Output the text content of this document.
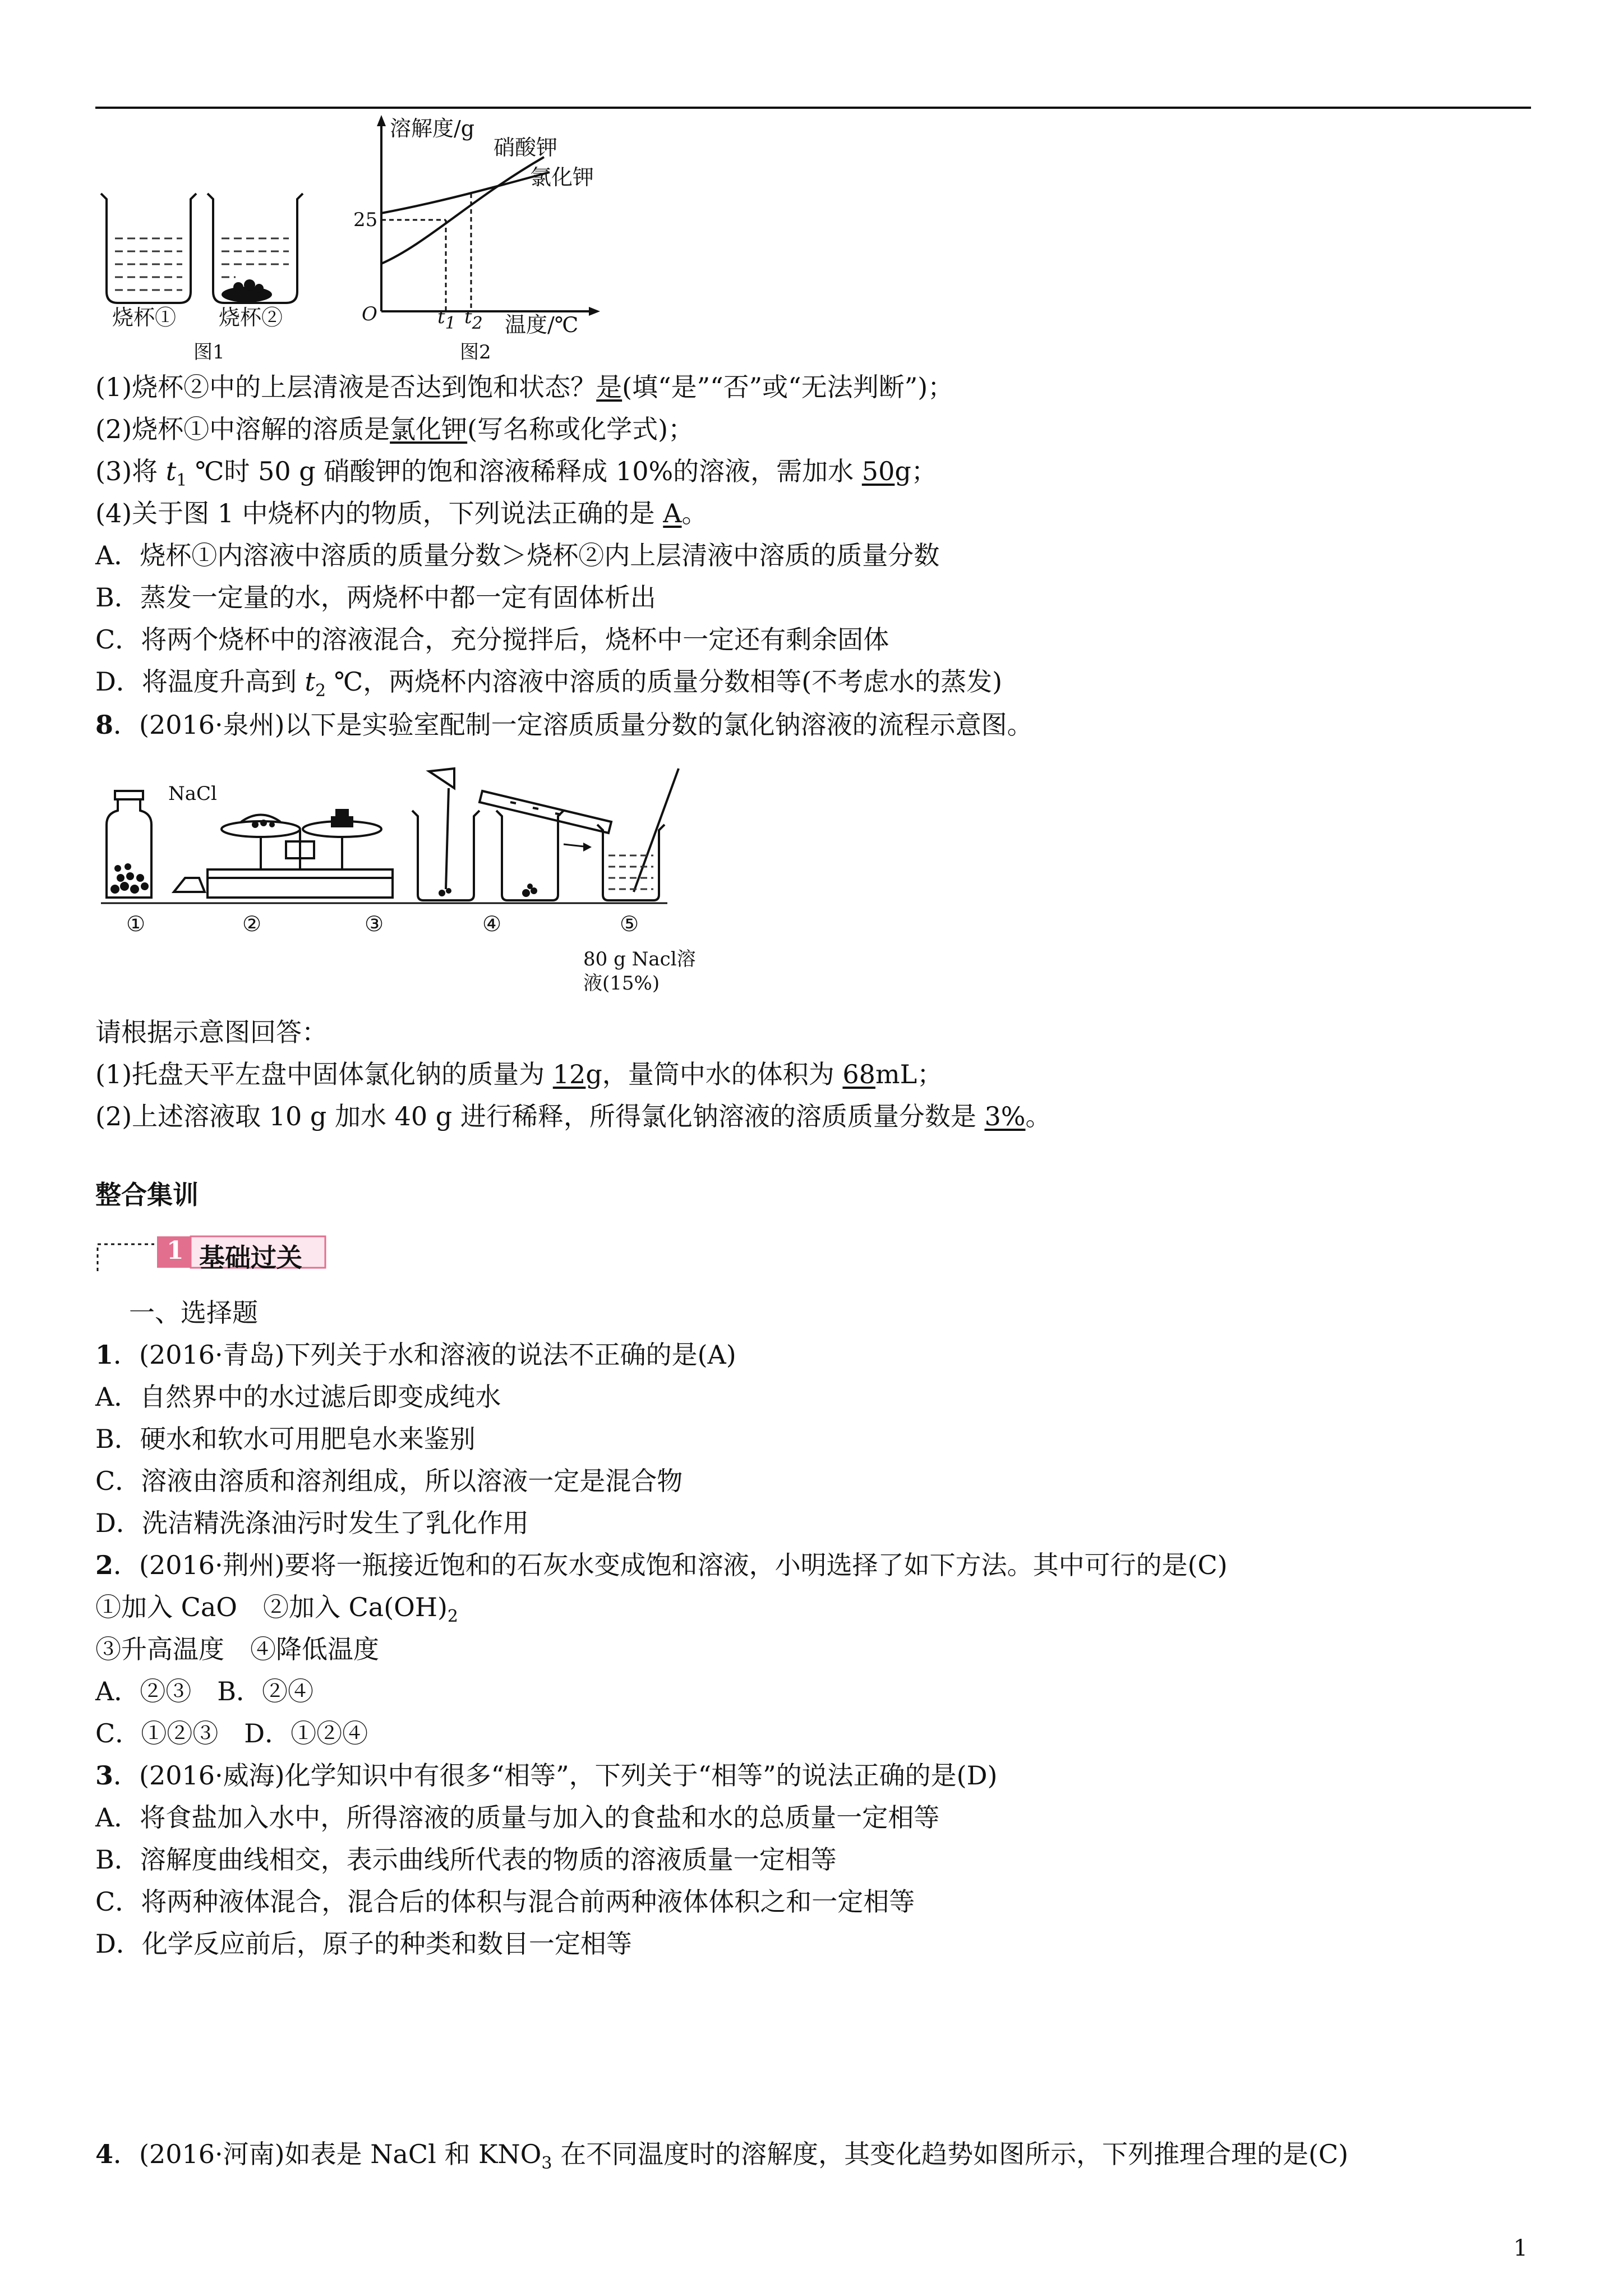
烧杯① 烧杯②
图1
溶解度/g
硝酸钾
氯化钾
25
O	t1 t2 温度/℃
图2
(1)烧杯②中的上层清液是否达到饱和状态？是(填“是”“否”或“无法判断”)；
(2)烧杯①中溶解的溶质是氯化钾(写名称或化学式)；
(3)将 $t_1$ ℃时 50 g 硝酸钾的饱和溶液稀释成 10%的溶液，需加水 50g；
(4)关于图 1 中烧杯内的物质，下列说法正确的是 A。
A．烧杯①内溶液中溶质的质量分数＞烧杯②内上层清液中溶质的质量分数
B．蒸发一定量的水，两烧杯中都一定有固体析出
C．将两个烧杯中的溶液混合，充分搅拌后，烧杯中一定还有剩余固体
D．将温度升高到 $t_2$ ℃，两烧杯内溶液中溶质的质量分数相等(不考虑水的蒸发)
8．(2016·泉州)以下是实验室配制一定溶质质量分数的氯化钠溶液的流程示意图。
NaCl
①	②	③	④	⑤
80 g Nacl溶
液(15%)
请根据示意图回答：
(1)托盘天平左盘中固体氯化钠的质量为 12g，量筒中水的体积为 68mL；
(2)上述溶液取 10 g 加水 40 g 进行稀释，所得氯化钠溶液的溶质质量分数是 3%。
整合集训
1 基础过关
一、选择题
1．(2016·青岛)下列关于水和溶液的说法不正确的是(A)
A．自然界中的水过滤后即变成纯水
B．硬水和软水可用肥皂水来鉴别
C．溶液由溶质和溶剂组成，所以溶液一定是混合物
D．洗洁精洗涤油污时发生了乳化作用
2．(2016·荆州)要将一瓶接近饱和的石灰水变成饱和溶液，小明选择了如下方法。其中可行的是(C)
①加入 CaO　②加入 $Ca(OH)_2$
③升高温度　④降低温度
A．②③　B．②④
C．①②③　D．①②④
3．(2016·威海)化学知识中有很多“相等”，下列关于“相等”的说法正确的是(D)
A．将食盐加入水中，所得溶液的质量与加入的食盐和水的总质量一定相等
B．溶解度曲线相交，表示曲线所代表的物质的溶液质量一定相等
C．将两种液体混合，混合后的体积与混合前两种液体体积之和一定相等
D．化学反应前后，原子的种类和数目一定相等
4．(2016·河南)如表是 NaCl 和 $KNO_3$ 在不同温度时的溶解度，其变化趋势如图所示，下列推理合理的是(C)
1
